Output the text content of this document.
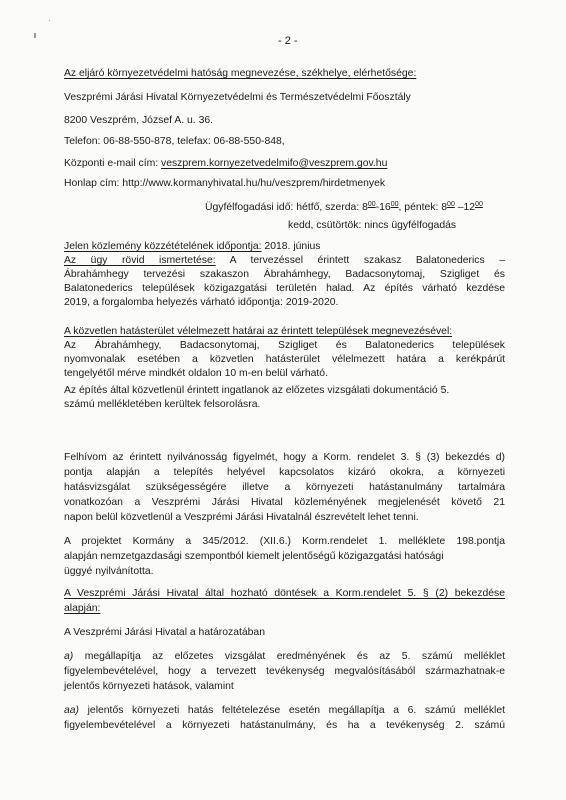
- 2 -
Az eljáró környezetvédelmi hatóság megnevezése, székhelye, elérhetősége:
Veszprémi Járási Hivatal Környezetvédelmi és Természetvédelmi Főosztály
8200 Veszprém, József A. u. 36.
Telefon: 06-88-550-878, telefax: 06-88-550-848,
Központi e-mail cím: veszprem.kornyezetvedelmifo@veszprem.gov.hu
Honlap cím: http://www.kormanyhivatal.hu/hu/veszprem/hirdetmenyek
Ügyfélfogadási idő: hétfő, szerda: $8^{00}-16^{00}$, péntek: $8^{00}$ $-12^{00}$
kedd, csütörtök: nincs ügyfélfogadás
Jelen közlemény közzétételének időpontja: 2018. június
Az ügy rövid ismertetése: A tervezéssel érintett szakasz Balatonederics –
Ábrahámhegy tervezési szakaszon Ábrahámhegy, Badacsonytomaj, Szigliget és
Balatonederics települések közigazgatási területén halad. Az építés várható kezdése
2019, a forgalomba helyezés várható időpontja: 2019-2020.
A közvetlen hatásterület vélelmezett határai az érintett települések megnevezésével:
Az Ábrahámhegy, Badacsonytomaj, Szigliget és Balatonederics települések
nyomvonalak esetében a közvetlen hatásterület vélelmezett határa a kerékpárút
tengelyétől mérve mindkét oldalon 10 m-en belül várható.
Az építés által közvetlenül érintett ingatlanok az előzetes vizsgálati dokumentáció 5.
számú mellékletében kerültek felsorolásra.
Felhívom az érintett nyilvánosság figyelmét, hogy a Korm. rendelet 3. § (3) bekezdés d)
pontja alapján a telepítés helyével kapcsolatos kizáró okokra, a környezeti
hatásvizsgálat szükségességére illetve a környezeti hatástanulmány tartalmára
vonatkozóan a Veszprémi Járási Hivatal közleményének megjelenését követő 21
napon belül közvetlenül a Veszprémi Járási Hivatalnál észrevételt lehet tenni.
A projektet Kormány a 345/2012. (XII.6.) Korm.rendelet 1. melléklete 198.pontja
alapján nemzetgazdasági szempontból kiemelt jelentőségű közigazgatási hatósági
üggyé nyilvánította.
A Veszprémi Járási Hivatal által hozható döntések a Korm.rendelet 5. § (2) bekezdése
alapján:
A Veszprémi Járási Hivatal a határozatában
a) megállapítja az előzetes vizsgálat eredményének és az 5. számú melléklet
figyelembevételével, hogy a tervezett tevékenység megvalósításából származhatnak-e
jelentős környezeti hatások, valamint
aa) jelentős környezeti hatás feltételezése esetén megállapítja a 6. számú melléklet
figyelembevételével a környezeti hatástanulmány, és ha a tevékenység 2. számú
